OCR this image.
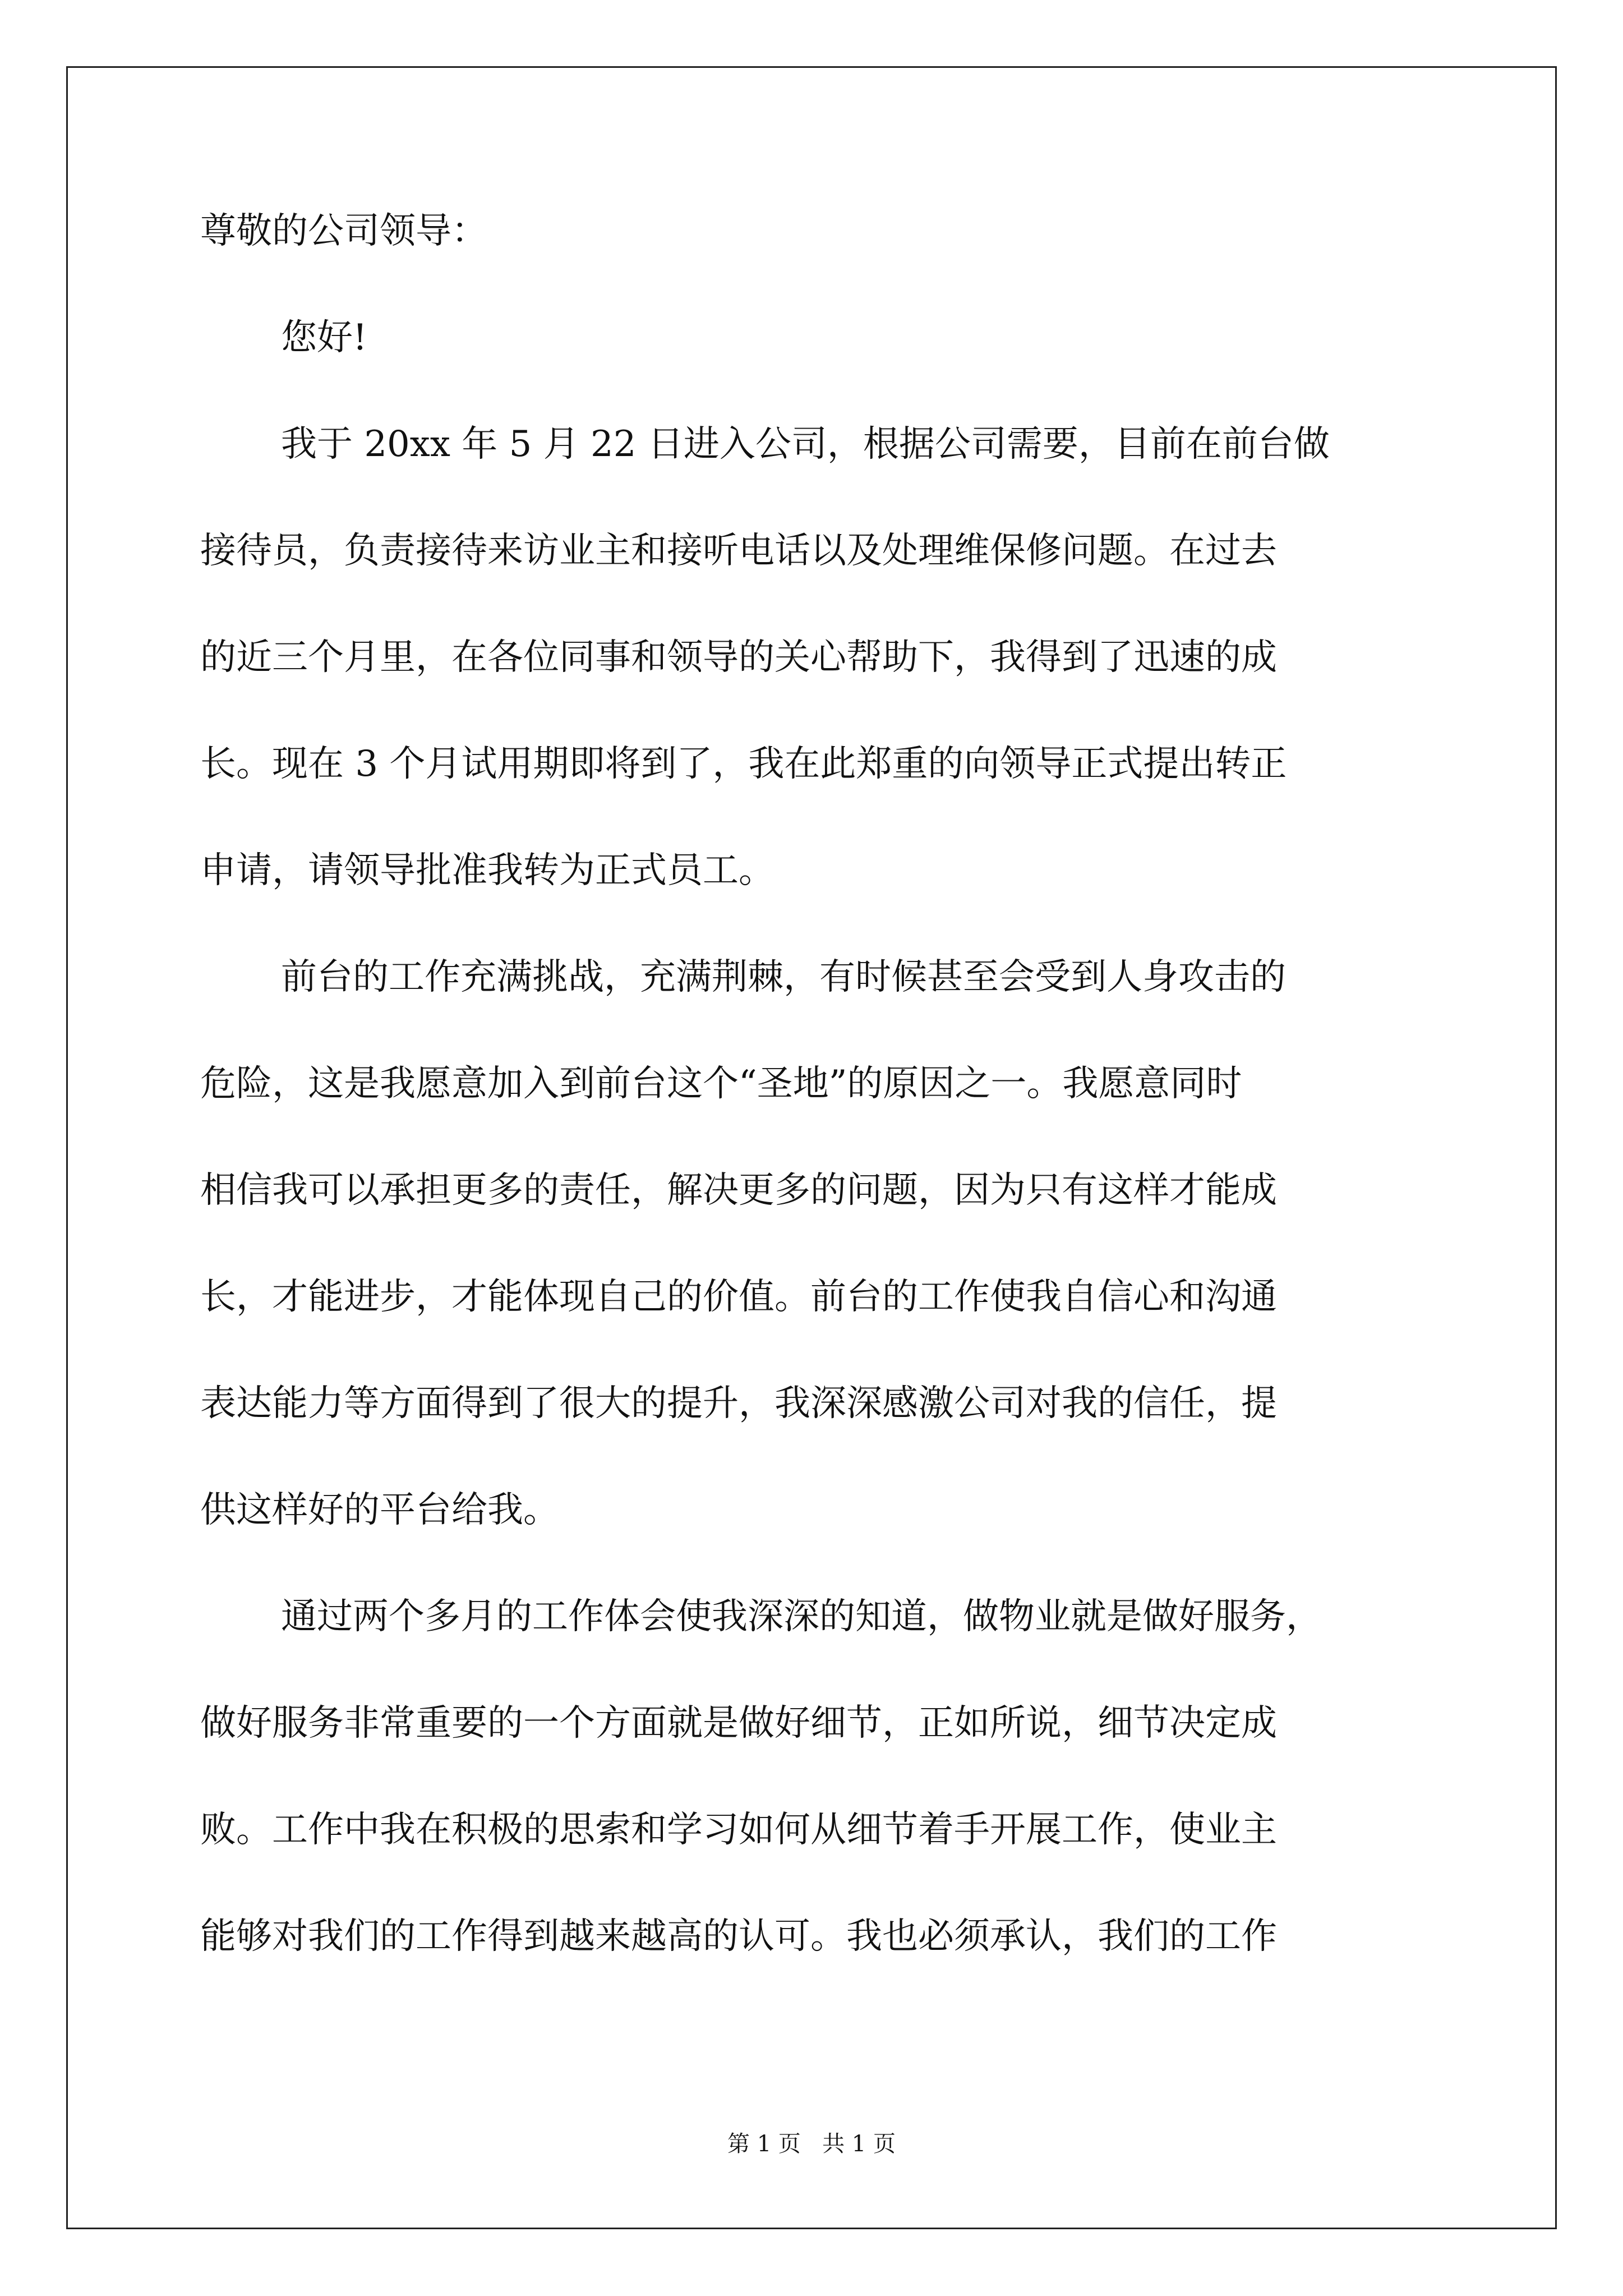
尊敬的公司领导：
您好!
我于 20xx 年 5 月 22 日进入公司，根据公司需要，目前在前台做
接待员，负责接待来访业主和接听电话以及处理维保修问题。在过去
的近三个月里，在各位同事和领导的关心帮助下，我得到了迅速的成
长。现在 3 个月试用期即将到了，我在此郑重的向领导正式提出转正
申请，请领导批准我转为正式员工。
前台的工作充满挑战，充满荆棘，有时候甚至会受到人身攻击的
危险，这是我愿意加入到前台这个“圣地”的原因之一。我愿意同时
相信我可以承担更多的责任，解决更多的问题，因为只有这样才能成
长，才能进步，才能体现自己的价值。前台的工作使我自信心和沟通
表达能力等方面得到了很大的提升，我深深感激公司对我的信任，提
供这样好的平台给我。
通过两个多月的工作体会使我深深的知道，做物业就是做好服务，
做好服务非常重要的一个方面就是做好细节，正如所说，细节决定成
败。工作中我在积极的思索和学习如何从细节着手开展工作，使业主
能够对我们的工作得到越来越高的认可。我也必须承认，我们的工作
第 1 页   共 1 页
